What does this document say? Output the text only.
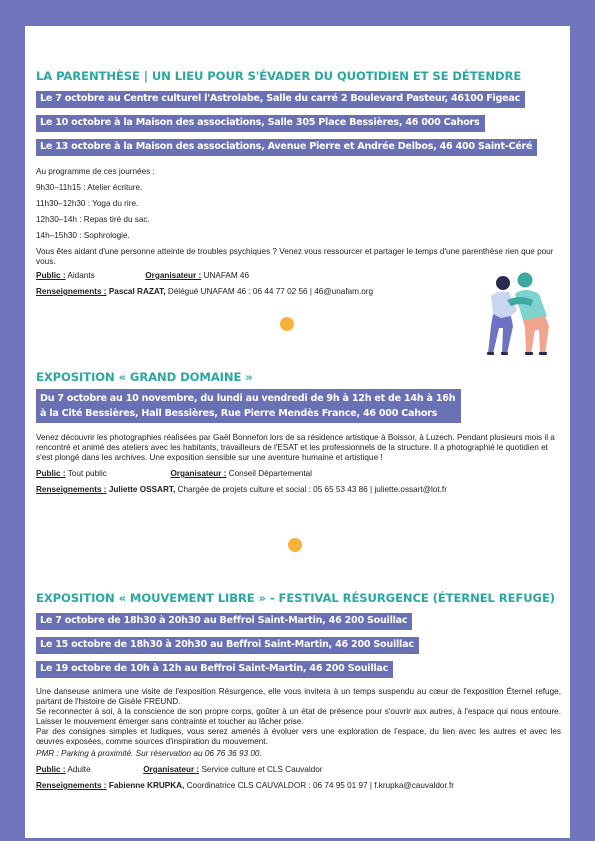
LA PARENTHÈSE | UN LIEU POUR S'ÉVADER DU QUOTIDIEN ET SE DÉTENDRE
Le 7 octobre au Centre culturel l'Astrolabe, Salle du carré 2 Boulevard Pasteur, 46100 Figeac
Le 10 octobre à la Maison des associations, Salle 305 Place Bessières, 46 000 Cahors
Le 13 octobre à la Maison des associations, Avenue Pierre et Andrée Delbos, 46 400 Saint-Céré

Au programme de ces journées :

9h30–11h15 : Atelier écriture.

11h30–12h30 : Yoga du rire.

12h30–14h : Repas tiré du sac.

14h–15h30 : Sophrologie.

Vous êtes aidant d'une personne atteinte de troubles psychiques ? Venez vous ressourcer et partager le temps d'une parenthèse rien que pour vous.

Public : Aidants	Organisateur : UNAFAM 46
Renseignements : Pascal RAZAT, Délégué UNAFAM 46 : 06 44 77 02 56 | 46@unafam.org
EXPOSITION « GRAND DOMAINE »
Du 7 octobre au 10 novembre, du lundi au vendredi de 9h à 12h et de 14h à 16h
à la Cité Bessières, Hall Bessières, Rue Pierre Mendès France, 46 000 Cahors

Venez découvrir les photographies réalisées par Gaël Bonnefon lors de sa résidence artistique à Boissor, à Luzech. Pendant plusieurs mois il a rencontré et animé des ateliers avec les habitants, travailleurs de l'ESAT et les professionnels de la structure. Il a photographié le quotidien et s'est plongé dans les archives. Une exposition sensible sur une aventure humaine et artistique !

Public : Tout public	Organisateur : Conseil Départemental
Renseignements : Juliette OSSART, Chargée de projets culture et social : 05 65 53 43 86 | juliette.ossart@lot.fr
EXPOSITION « MOUVEMENT LIBRE » - FESTIVAL RÉSURGENCE (ÉTERNEL REFUGE)
Le 7 octobre de 18h30 à 20h30 au Beffroi Saint-Martin, 46 200 Souillac
Le 15 octobre de 18h30 à 20h30 au Beffroi Saint-Martin, 46 200 Souillac
Le 19 octobre de 10h à 12h au Beffroi Saint-Martin, 46 200 Souillac

Une danseuse animera une visite de l'exposition Résurgence, elle vous invitera à un temps suspendu au cœur de l'exposition Éternel refuge, partant de l'histoire de Gisèle FREUND.

Se reconnecter à soi, à la conscience de son propre corps, goûter à un état de présence pour s'ouvrir aux autres, à l'espace qui nous entoure. Laisser le mouvement émerger sans contrainte et toucher au lâcher prise.

Par des consignes simples et ludiques, vous serez amenés à évoluer vers une exploration de l'espace, du lien avec les autres et avec les œuvres exposées, comme sources d'inspiration du mouvement.

PMR : Parking à proximité. Sur réservation au 06 76 36 93 00.

Public : Adulte	Organisateur : Service culture et CLS Cauvaldor
Renseignements : Fabienne KRUPKA, Coordinatrice CLS CAUVALDOR : 06 74 95 01 97 | f.krupka@cauvaldor.fr
